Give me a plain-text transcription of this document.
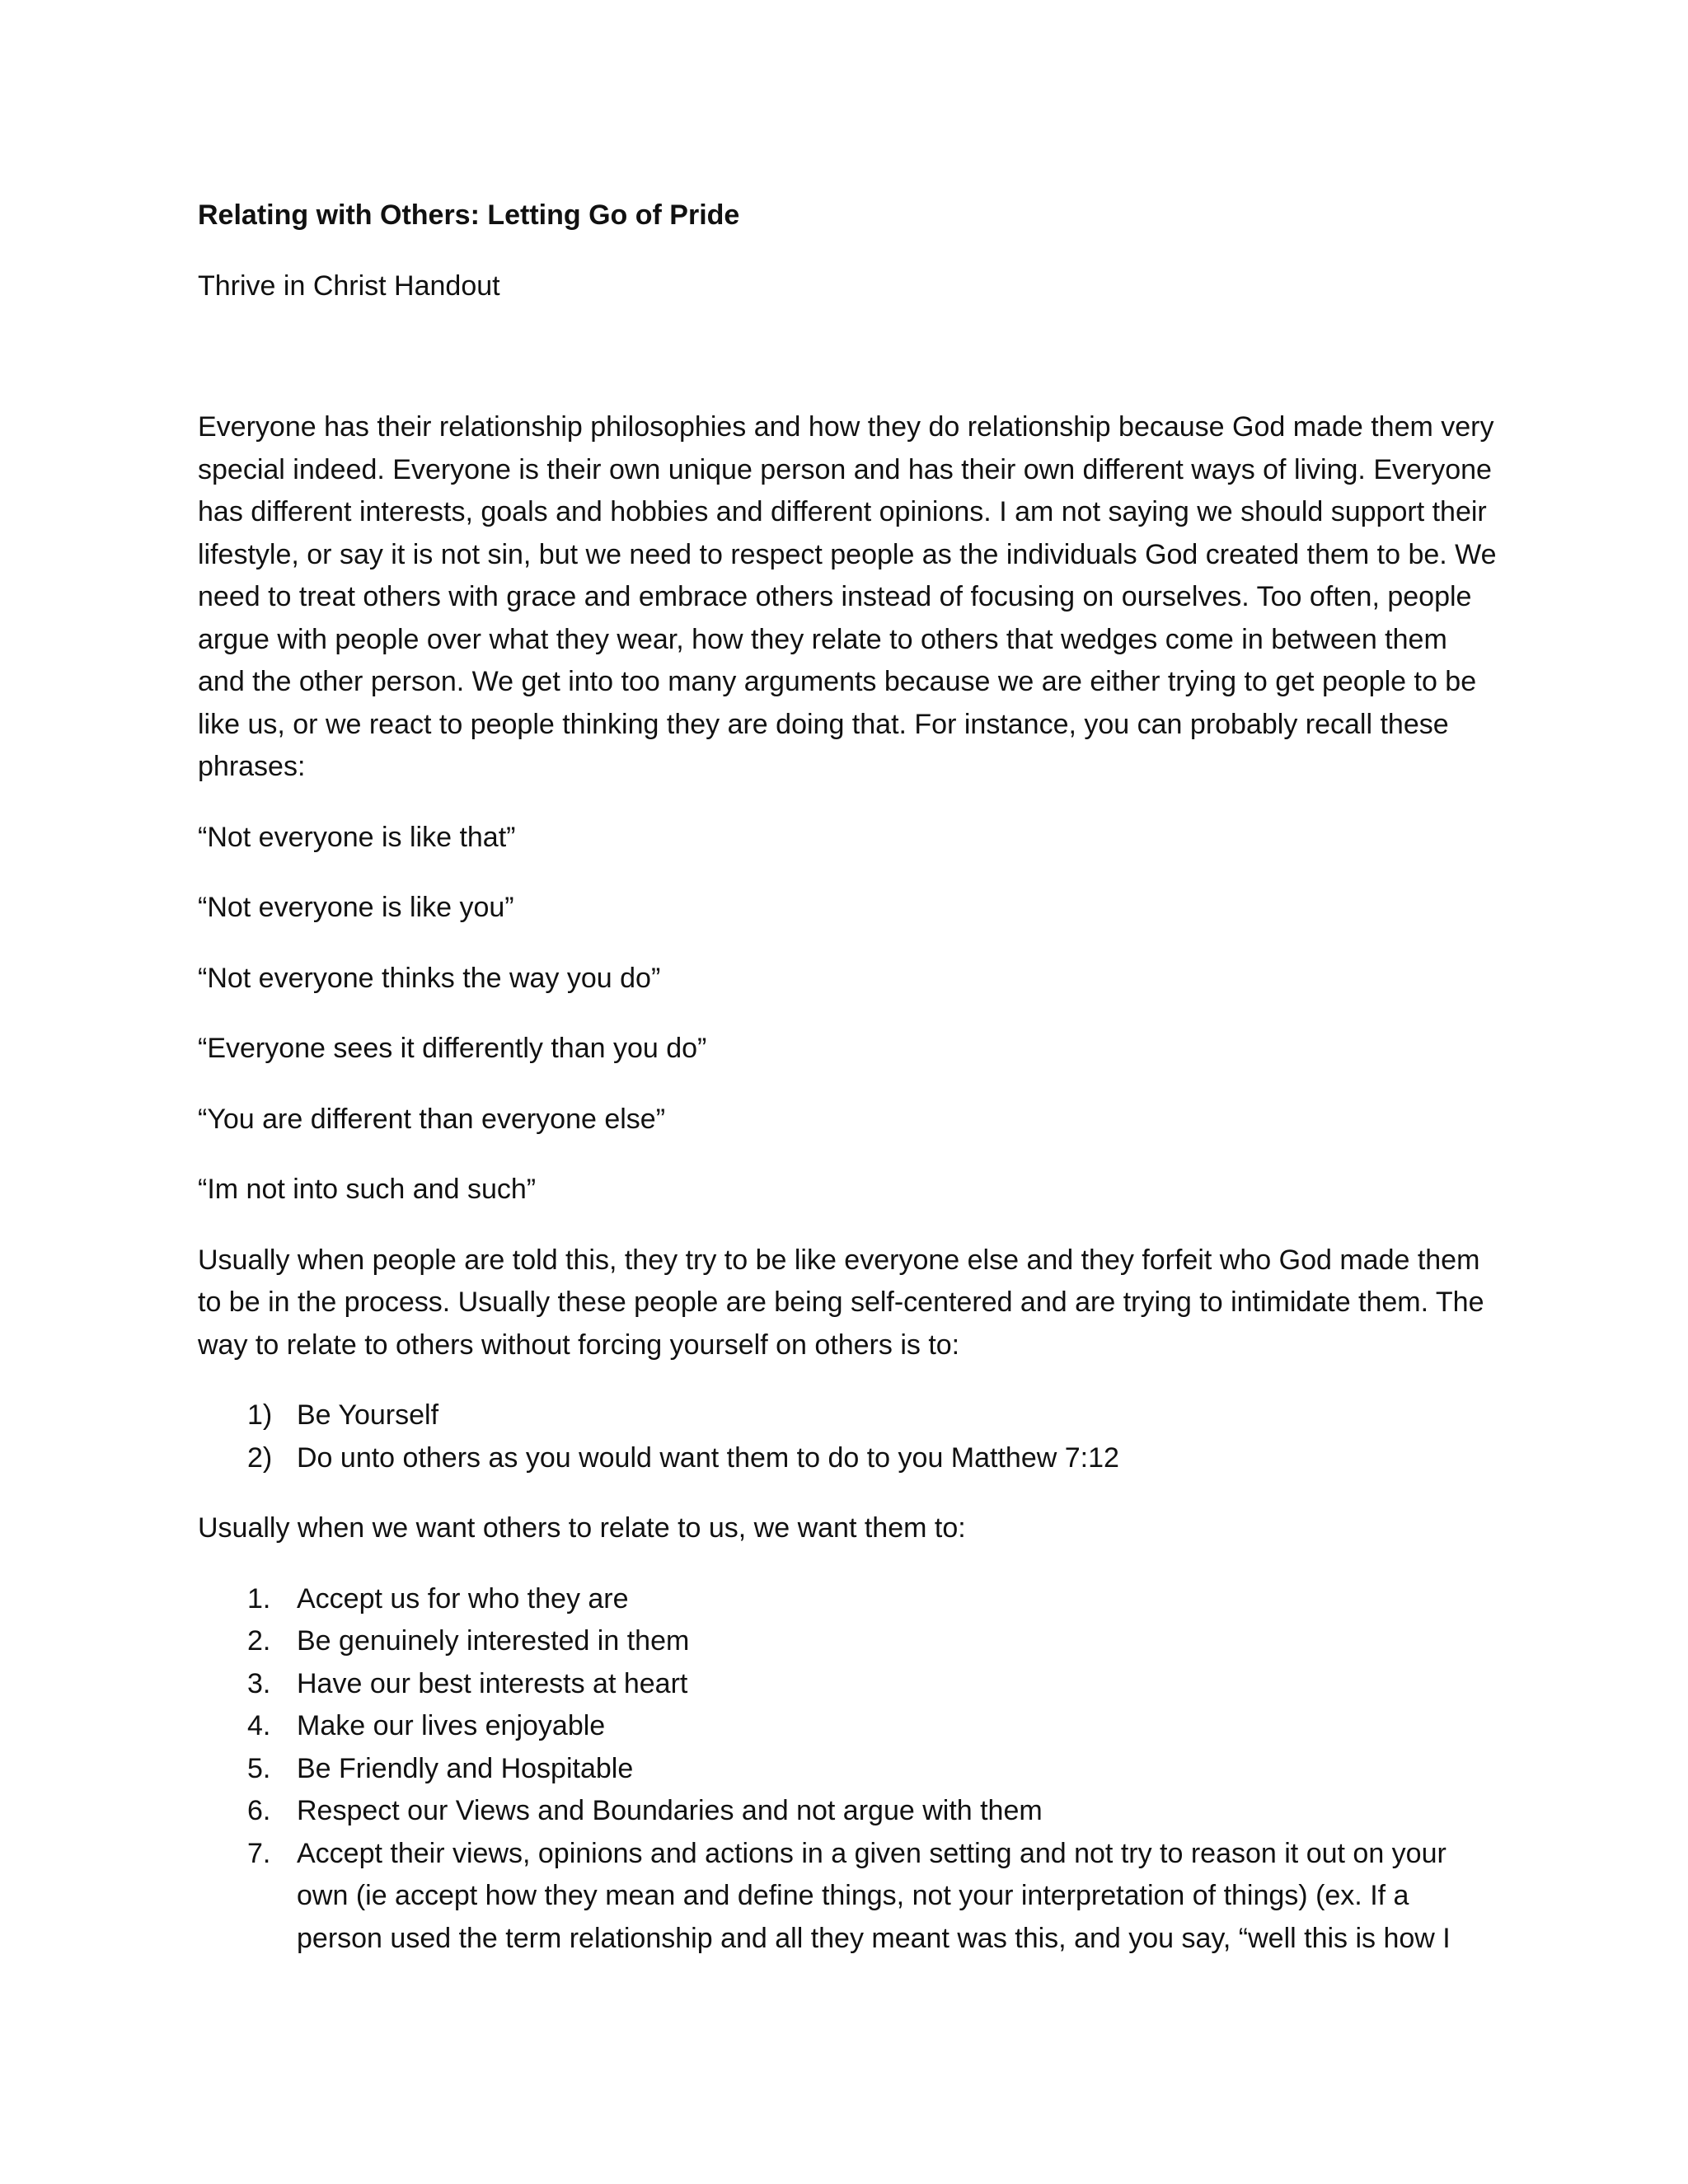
Relating with Others: Letting Go of Pride
Thrive in Christ Handout

Everyone has their relationship philosophies and how they do relationship because God made them very special indeed. Everyone is their own unique person and has their own different ways of living. Everyone has different interests, goals and hobbies and different opinions. I am not saying we should support their lifestyle, or say it is not sin, but we need to respect people as the individuals God created them to be. We need to treat others with grace and embrace others instead of focusing on ourselves. Too often, people argue with people over what they wear, how they relate to others that wedges come in between them and the other person. We get into too many arguments because we are either trying to get people to be like us, or we react to people thinking they are doing that. For instance, you can probably recall these phrases:

“Not everyone is like that”
“Not everyone is like you”
“Not everyone thinks the way you do”
“Everyone sees it differently than you do”
“You are different than everyone else”
“Im not into such and such”

Usually when people are told this, they try to be like everyone else and they forfeit who God made them to be in the process. Usually these people are being self-centered and are trying to intimidate them. The way to relate to others without forcing yourself on others is to:

1) Be Yourself
2) Do unto others as you would want them to do to you Matthew 7:12

Usually when we want others to relate to us, we want them to:

1. Accept us for who they are
2. Be genuinely interested in them
3. Have our best interests at heart
4. Make our lives enjoyable
5. Be Friendly and Hospitable
6. Respect our Views and Boundaries and not argue with them
7. Accept their views, opinions and actions in a given setting and not try to reason it out on your own (ie accept how they mean and define things, not your interpretation of things) (ex. If a person used the term relationship and all they meant was this, and you say, “well this is how I
